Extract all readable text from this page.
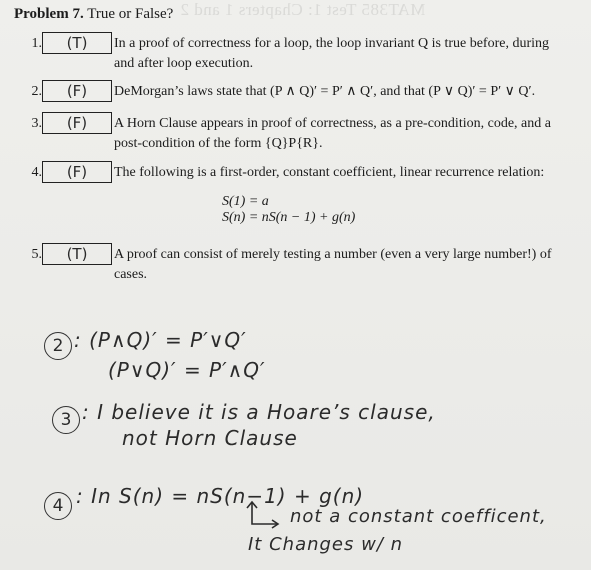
MAT385 Test 1: Chapters 1 and 2
Problem 7. True or False?
1.	(T)	In a proof of correctness for a loop, the loop invariant Q is true before, during and after loop execution.
2.	(F)	DeMorgan’s laws state that (P ∧ Q)′ = P′ ∧ Q′, and that (P ∨ Q)′ = P′ ∨ Q′.
3.	(F)	A Horn Clause appears in proof of correctness, as a pre-condition, code, and a post-condition of the form {Q}P{R}.
4.	(F)	The following is a first-order, constant coefficient, linear recurrence relation:
S(1) = a
S(n) = nS(n − 1) + g(n)
5.	(T)	A proof can consist of merely testing a number (even a very large number!) of cases.
2 : (P∧Q)′ = P′∨Q′
(P∨Q)′ = P′∧Q′
3 : I believe it is a Hoare’s clause,
not Horn Clause
4 : In S(n) = nS(n−1) + g(n)
not a constant coefficent,
It Changes w/ n
